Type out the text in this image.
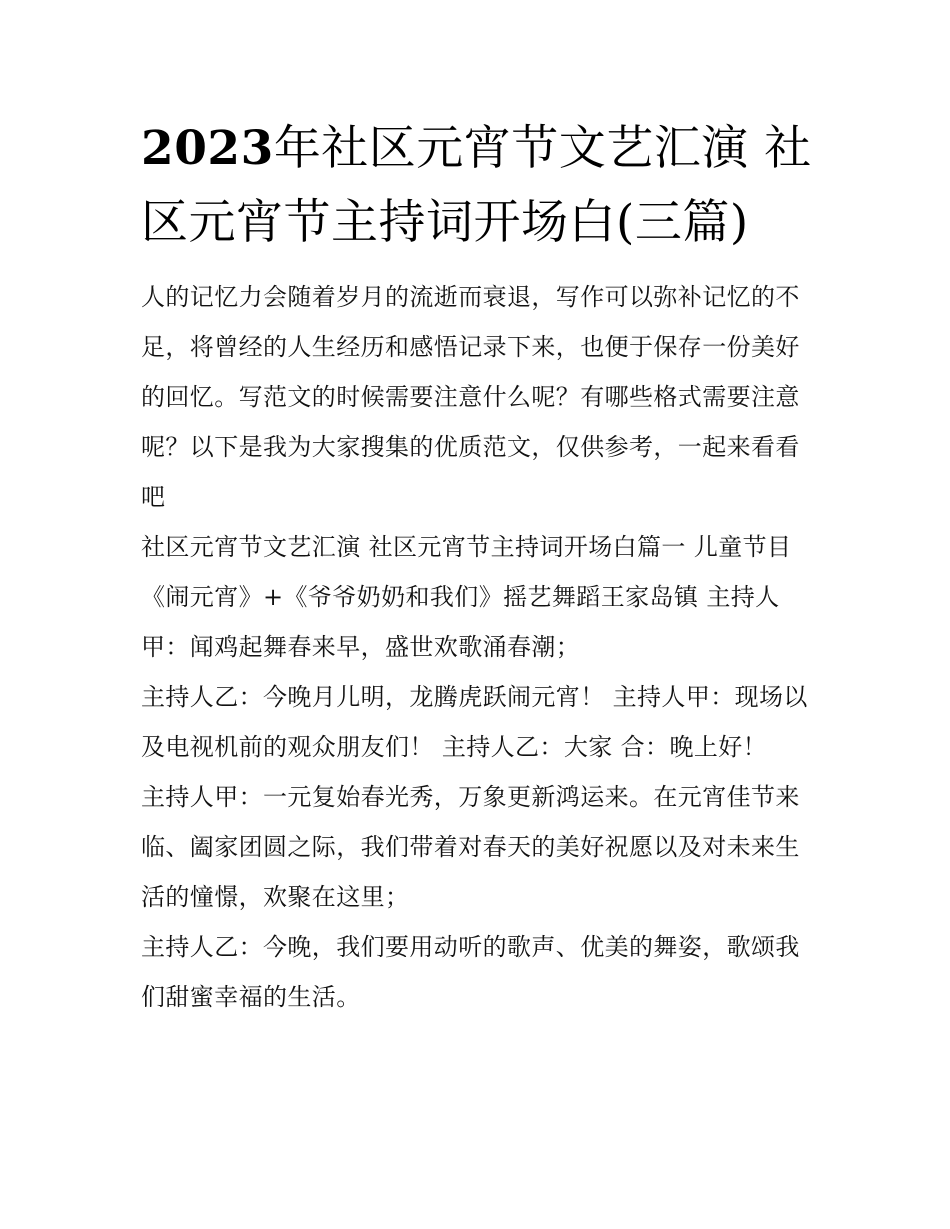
2023年社区元宵节文艺汇演 社区元宵节主持词开场白(三篇)

人的记忆力会随着岁月的流逝而衰退，写作可以弥补记忆的不足，将曾经的人生经历和感悟记录下来，也便于保存一份美好的回忆。写范文的时候需要注意什么呢？有哪些格式需要注意呢？以下是我为大家搜集的优质范文，仅供参考，一起来看看吧

社区元宵节文艺汇演 社区元宵节主持词开场白篇一 儿童节目《闹元宵》+《爷爷奶奶和我们》摇艺舞蹈王家岛镇 主持人甲：闻鸡起舞春来早，盛世欢歌涌春潮；

主持人乙：今晚月儿明，龙腾虎跃闹元宵！ 主持人甲：现场以及电视机前的观众朋友们！ 主持人乙：大家 合：晚上好！

主持人甲：一元复始春光秀，万象更新鸿运来。在元宵佳节来临、阖家团圆之际，我们带着对春天的美好祝愿以及对未来生活的憧憬，欢聚在这里；

主持人乙：今晚，我们要用动听的歌声、优美的舞姿，歌颂我们甜蜜幸福的生活。
